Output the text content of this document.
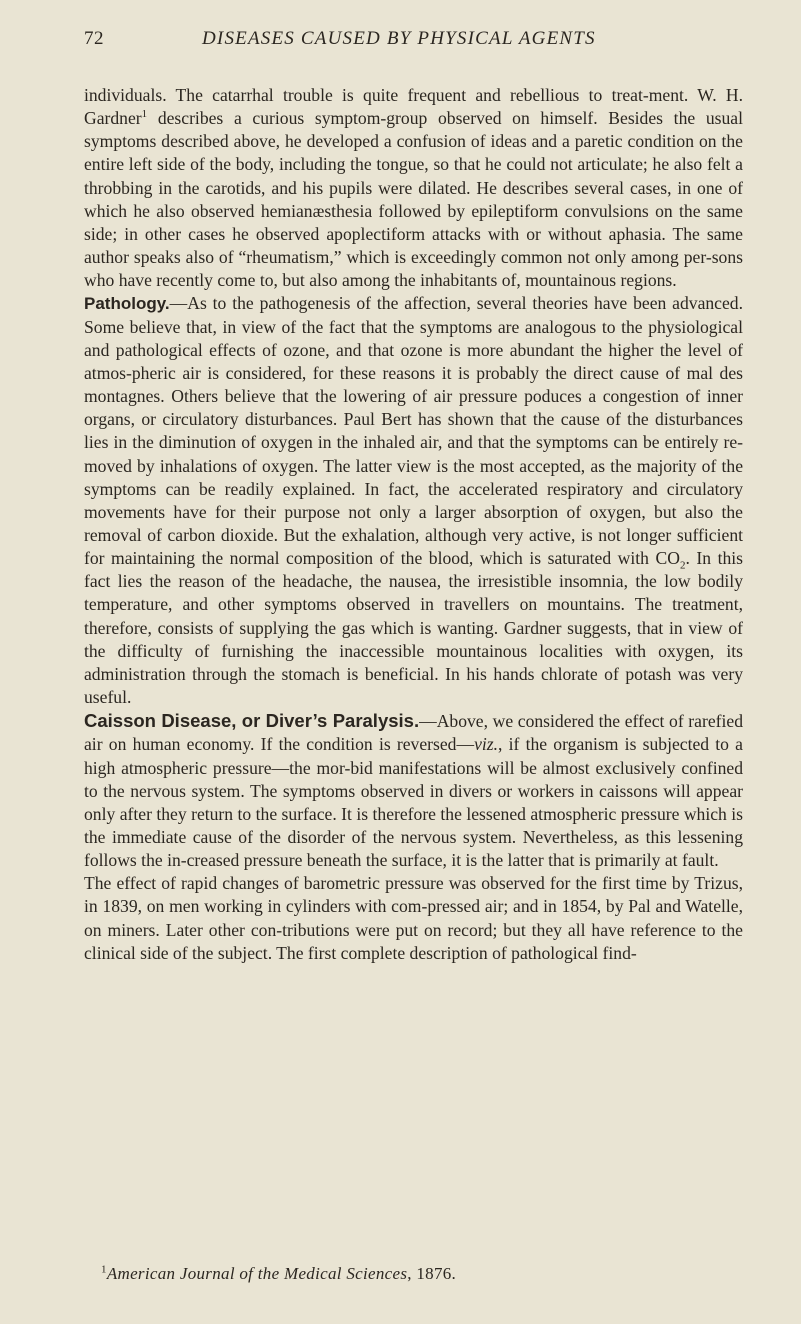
72	DISEASES CAUSED BY PHYSICAL AGENTS

individuals. The catarrhal trouble is quite frequent and rebellious to treat-ment. W. H. Gardner$^1$ describes a curious symptom-group observed on himself. Besides the usual symptoms described above, he developed a confusion of ideas and a paretic condition on the entire left side of the body, including the tongue, so that he could not articulate; he also felt a throbbing in the carotids, and his pupils were dilated. He describes several cases, in one of which he also observed hemianæsthesia followed by epileptiform convulsions on the same side; in other cases he observed apoplectiform attacks with or without aphasia. The same author speaks also of “rheumatism,” which is exceedingly common not only among per-sons who have recently come to, but also among the inhabitants of, mountainous regions.

Pathology.—As to the pathogenesis of the affection, several theories have been advanced. Some believe that, in view of the fact that the symptoms are analogous to the physiological and pathological effects of ozone, and that ozone is more abundant the higher the level of atmos-pheric air is considered, for these reasons it is probably the direct cause of mal des montagnes. Others believe that the lowering of air pressure poduces a congestion of inner organs, or circulatory disturbances. Paul Bert has shown that the cause of the disturbances lies in the diminution of oxygen in the inhaled air, and that the symptoms can be entirely re-moved by inhalations of oxygen. The latter view is the most accepted, as the majority of the symptoms can be readily explained. In fact, the accelerated respiratory and circulatory movements have for their purpose not only a larger absorption of oxygen, but also the removal of carbon dioxide. But the exhalation, although very active, is not longer sufficient for maintaining the normal composition of the blood, which is saturated with $CO_2$. In this fact lies the reason of the headache, the nausea, the irresistible insomnia, the low bodily temperature, and other symptoms observed in travellers on mountains. The treatment, therefore, consists of supplying the gas which is wanting. Gardner suggests, that in view of the difficulty of furnishing the inaccessible mountainous localities with oxygen, its administration through the stomach is beneficial. In his hands chlorate of potash was very useful.

Caisson Disease, or Diver’s Paralysis.—Above, we considered the effect of rarefied air on human economy. If the condition is reversed—viz., if the organism is subjected to a high atmospheric pressure—the mor-bid manifestations will be almost exclusively confined to the nervous system. The symptoms observed in divers or workers in caissons will appear only after they return to the surface. It is therefore the lessened atmospheric pressure which is the immediate cause of the disorder of the nervous system. Nevertheless, as this lessening follows the in-creased pressure beneath the surface, it is the latter that is primarily at fault.

The effect of rapid changes of barometric pressure was observed for the first time by Trizus, in 1839, on men working in cylinders with com-pressed air; and in 1854, by Pal and Watelle, on miners. Later other con-tributions were put on record; but they all have reference to the clinical side of the subject. The first complete description of pathological find-

$^1$American Journal of the Medical Sciences, 1876.
